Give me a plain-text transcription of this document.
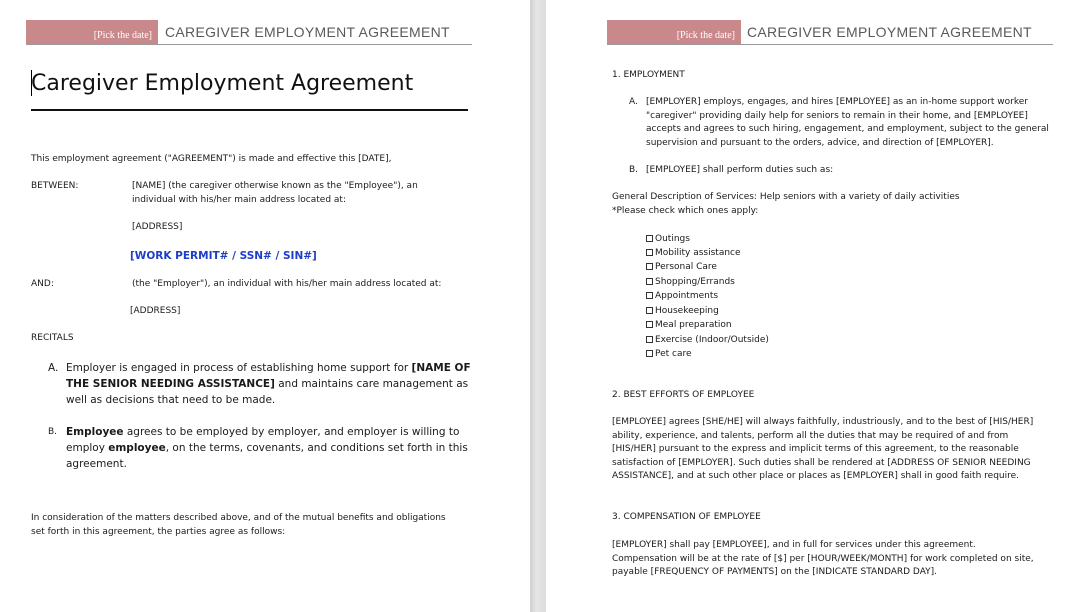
[Pick the date] CAREGIVER EMPLOYMENT AGREEMENT
Caregiver Employment Agreement
This employment agreement ("AGREEMENT") is made and effective this [DATE],
BETWEEN:	[NAME] (the caregiver otherwise known as the "Employee"), an
individual with his/her main address located at:
[ADDRESS]
[WORK PERMIT# / SSN# / SIN#]
AND:	(the "Employer"), an individual with his/her main address located at:
[ADDRESS]
RECITALS
A. Employer is engaged in process of establishing home support for [NAME OF
THE SENIOR NEEDING ASSISTANCE] and maintains care management as
well as decisions that need to be made.
B. Employee agrees to be employed by employer, and employer is willing to
employ employee, on the terms, covenants, and conditions set forth in this
agreement.
In consideration of the matters described above, and of the mutual benefits and obligations
set forth in this agreement, the parties agree as follows:
[Pick the date] CAREGIVER EMPLOYMENT AGREEMENT
1. EMPLOYMENT
A. [EMPLOYER] employs, engages, and hires [EMPLOYEE] as an in-home support worker
"caregiver" providing daily help for seniors to remain in their home, and [EMPLOYEE]
accepts and agrees to such hiring, engagement, and employment, subject to the general
supervision and pursuant to the orders, advice, and direction of [EMPLOYER].
B. [EMPLOYEE] shall perform duties such as:
General Description of Services: Help seniors with a variety of daily activities
*Please check which ones apply:
Outings
Mobility assistance
Personal Care
Shopping/Errands
Appointments
Housekeeping
Meal preparation
Exercise (Indoor/Outside)
Pet care
2. BEST EFFORTS OF EMPLOYEE
[EMPLOYEE] agrees [SHE/HE] will always faithfully, industriously, and to the best of [HIS/HER]
ability, experience, and talents, perform all the duties that may be required of and from
[HIS/HER] pursuant to the express and implicit terms of this agreement, to the reasonable
satisfaction of [EMPLOYER]. Such duties shall be rendered at [ADDRESS OF SENIOR NEEDING
ASSISTANCE], and at such other place or places as [EMPLOYER] shall in good faith require.
3. COMPENSATION OF EMPLOYEE
[EMPLOYER] shall pay [EMPLOYEE], and in full for services under this agreement.
Compensation will be at the rate of [$] per [HOUR/WEEK/MONTH] for work completed on site,
payable [FREQUENCY OF PAYMENTS] on the [INDICATE STANDARD DAY].
